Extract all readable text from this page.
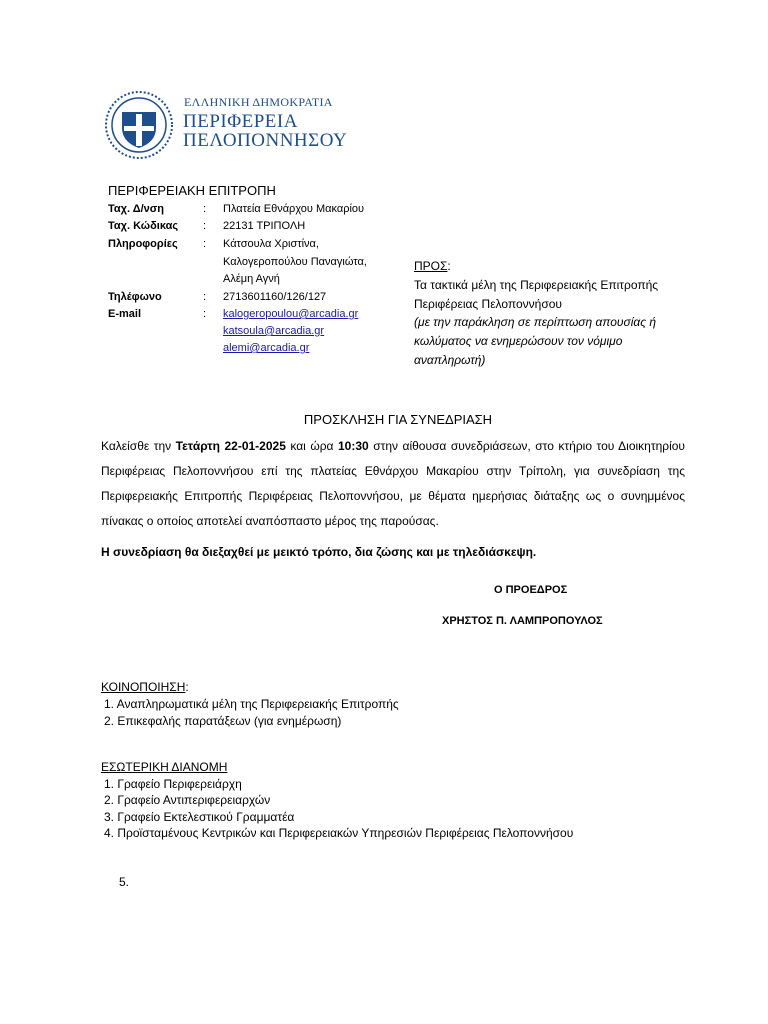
ΕΛΛΗΝΙΚΗ ΔΗΜΟΚΡΑΤΙΑ
ΠΕΡΙΦΕΡΕΙΑ
ΠΕΛΟΠΟΝΝΗΣΟΥ
ΠΕΡΙΦΕΡΕΙΑΚΗ ΕΠΙΤΡΟΠΗ
Ταχ. Δ/νση	: Πλατεία Εθνάρχου Μακαρίου
Ταχ. Κώδικας : 22131 ΤΡΙΠΟΛΗ
Πληροφορίες : Κάτσουλα Χριστίνα,
Καλογεροπούλου Παναγιώτα,
Αλέμη Αγνή
Τηλέφωνο	: 2713601160/126/127
E-mail	: kalogeropoulou@arcadia.gr
katsoula@arcadia.gr
alemi@arcadia.gr
ΠΡΟΣ:
Τα τακτικά μέλη της Περιφερειακής Επιτροπής
Περιφέρειας Πελοποννήσου
(με την παράκληση σε περίπτωση απουσίας ή
κωλύματος να ενημερώσουν τον νόμιμο
αναπληρωτή)
ΠΡΟΣΚΛΗΣΗ ΓΙΑ ΣΥΝΕΔΡΙΑΣΗ
Καλείσθε την Τετάρτη 22-01-2025 και ώρα 10:30 στην αίθουσα συνεδριάσεων, στο κτήριο του Διοικητηρίου Περιφέρειας Πελοποννήσου επί της πλατείας Εθνάρχου Μακαρίου στην Τρίπολη, για συνεδρίαση της Περιφερειακής Επιτροπής Περιφέρειας Πελοποννήσου, με θέματα ημερήσιας διάταξης ως ο συνημμένος πίνακας ο οποίος αποτελεί αναπόσπαστο μέρος της παρούσας.
Η συνεδρίαση θα διεξαχθεί με μεικτό τρόπο, δια ζώσης και με τηλεδιάσκεψη.
Ο ΠΡΟΕΔΡΟΣ
ΧΡΗΣΤΟΣ Π. ΛΑΜΠΡΟΠΟΥΛΟΣ
ΚΟΙΝΟΠΟΙΗΣΗ:
1. Αναπληρωματικά μέλη της Περιφερειακής Επιτροπής
2. Επικεφαλής παρατάξεων (για ενημέρωση)
ΕΣΩΤΕΡΙΚΗ ΔΙΑΝΟΜΗ
1. Γραφείο Περιφερειάρχη
2. Γραφείο Αντιπεριφερειαρχών
3. Γραφείο Εκτελεστικού Γραμματέα
4. Προϊσταμένους Κεντρικών και Περιφερειακών Υπηρεσιών Περιφέρειας Πελοποννήσου
5.
